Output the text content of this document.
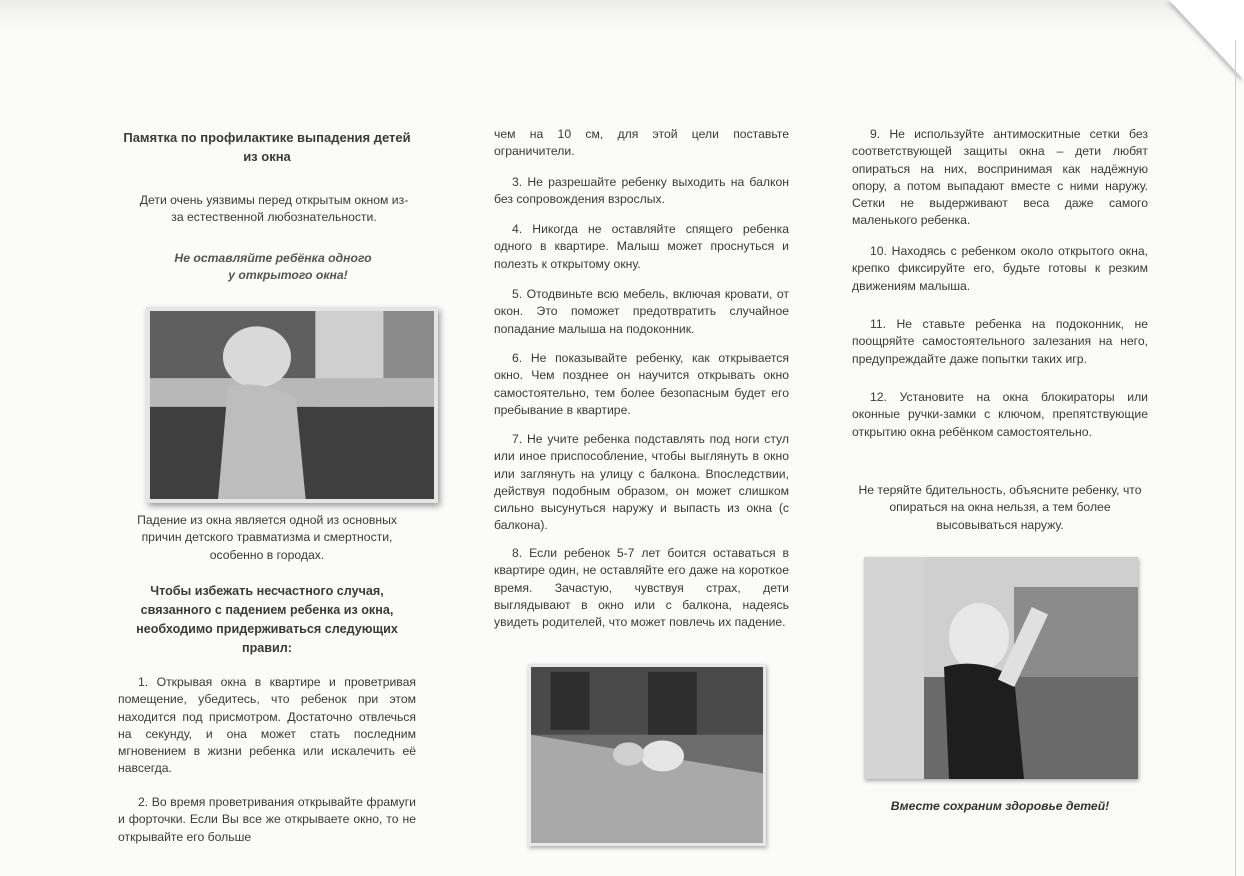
Памятка по профилактике выпадения детей из окна

Дети очень уязвимы перед открытым окном из-за естественной любознательности.

Не оставляйте ребёнка одного

у открытого окна!

Падение из окна является одной из основных причин детского травматизма и смертности, особенно в городах.

Чтобы избежать несчастного случая, связанного с падением ребенка из окна, необходимо придерживаться следующих правил:

1. Открывая окна в квартире и проветривая помещение, убедитесь, что ребенок при этом находится под присмотром. Достаточно отвлечься на секунду, и она может стать последним мгновением в жизни ребенка или искалечить её навсегда.

2. Во время проветривания открывайте фрамуги и форточки. Если Вы все же открываете окно, то не открывайте его больше

чем на 10 см, для этой цели поставьте ограничители.

3. Не разрешайте ребенку выходить на балкон без сопровождения взрослых.

4. Никогда не оставляйте спящего ребенка одного в квартире. Малыш может проснуться и полезть к открытому окну.

5. Отодвиньте всю мебель, включая кровати, от окон. Это поможет предотвратить случайное попадание малыша на подоконник.

6. Не показывайте ребенку, как открывается окно. Чем позднее он научится открывать окно самостоятельно, тем более безопасным будет его пребывание в квартире.

7. Не учите ребенка подставлять под ноги стул или иное приспособление, чтобы выглянуть в окно или заглянуть на улицу с балкона. Впоследствии, действуя подобным образом, он может слишком сильно высунуться наружу и выпасть из окна (с балкона).

8. Если ребенок 5-7 лет боится оставаться в квартире один, не оставляйте его даже на короткое время. Зачастую, чувствуя страх, дети выглядывают в окно или с балкона, надеясь увидеть родителей, что может повлечь их падение.

9. Не используйте антимоскитные сетки без соответствующей защиты окна – дети любят опираться на них, воспринимая как надёжную опору, а потом выпадают вместе с ними наружу. Сетки не выдерживают веса даже самого маленького ребенка.

10. Находясь с ребенком около открытого окна, крепко фиксируйте его, будьте готовы к резким движениям малыша.

11. Не ставьте ребенка на подоконник, не поощряйте самостоятельного залезания на него, предупреждайте даже попытки таких игр.

12. Установите на окна блокираторы или оконные ручки-замки с ключом, препятствующие открытию окна ребёнком самостоятельно.

Не теряйте бдительность, объясните ребенку, что опираться на окна нельзя, а тем более высовываться наружу.

Вместе сохраним здоровье детей!
